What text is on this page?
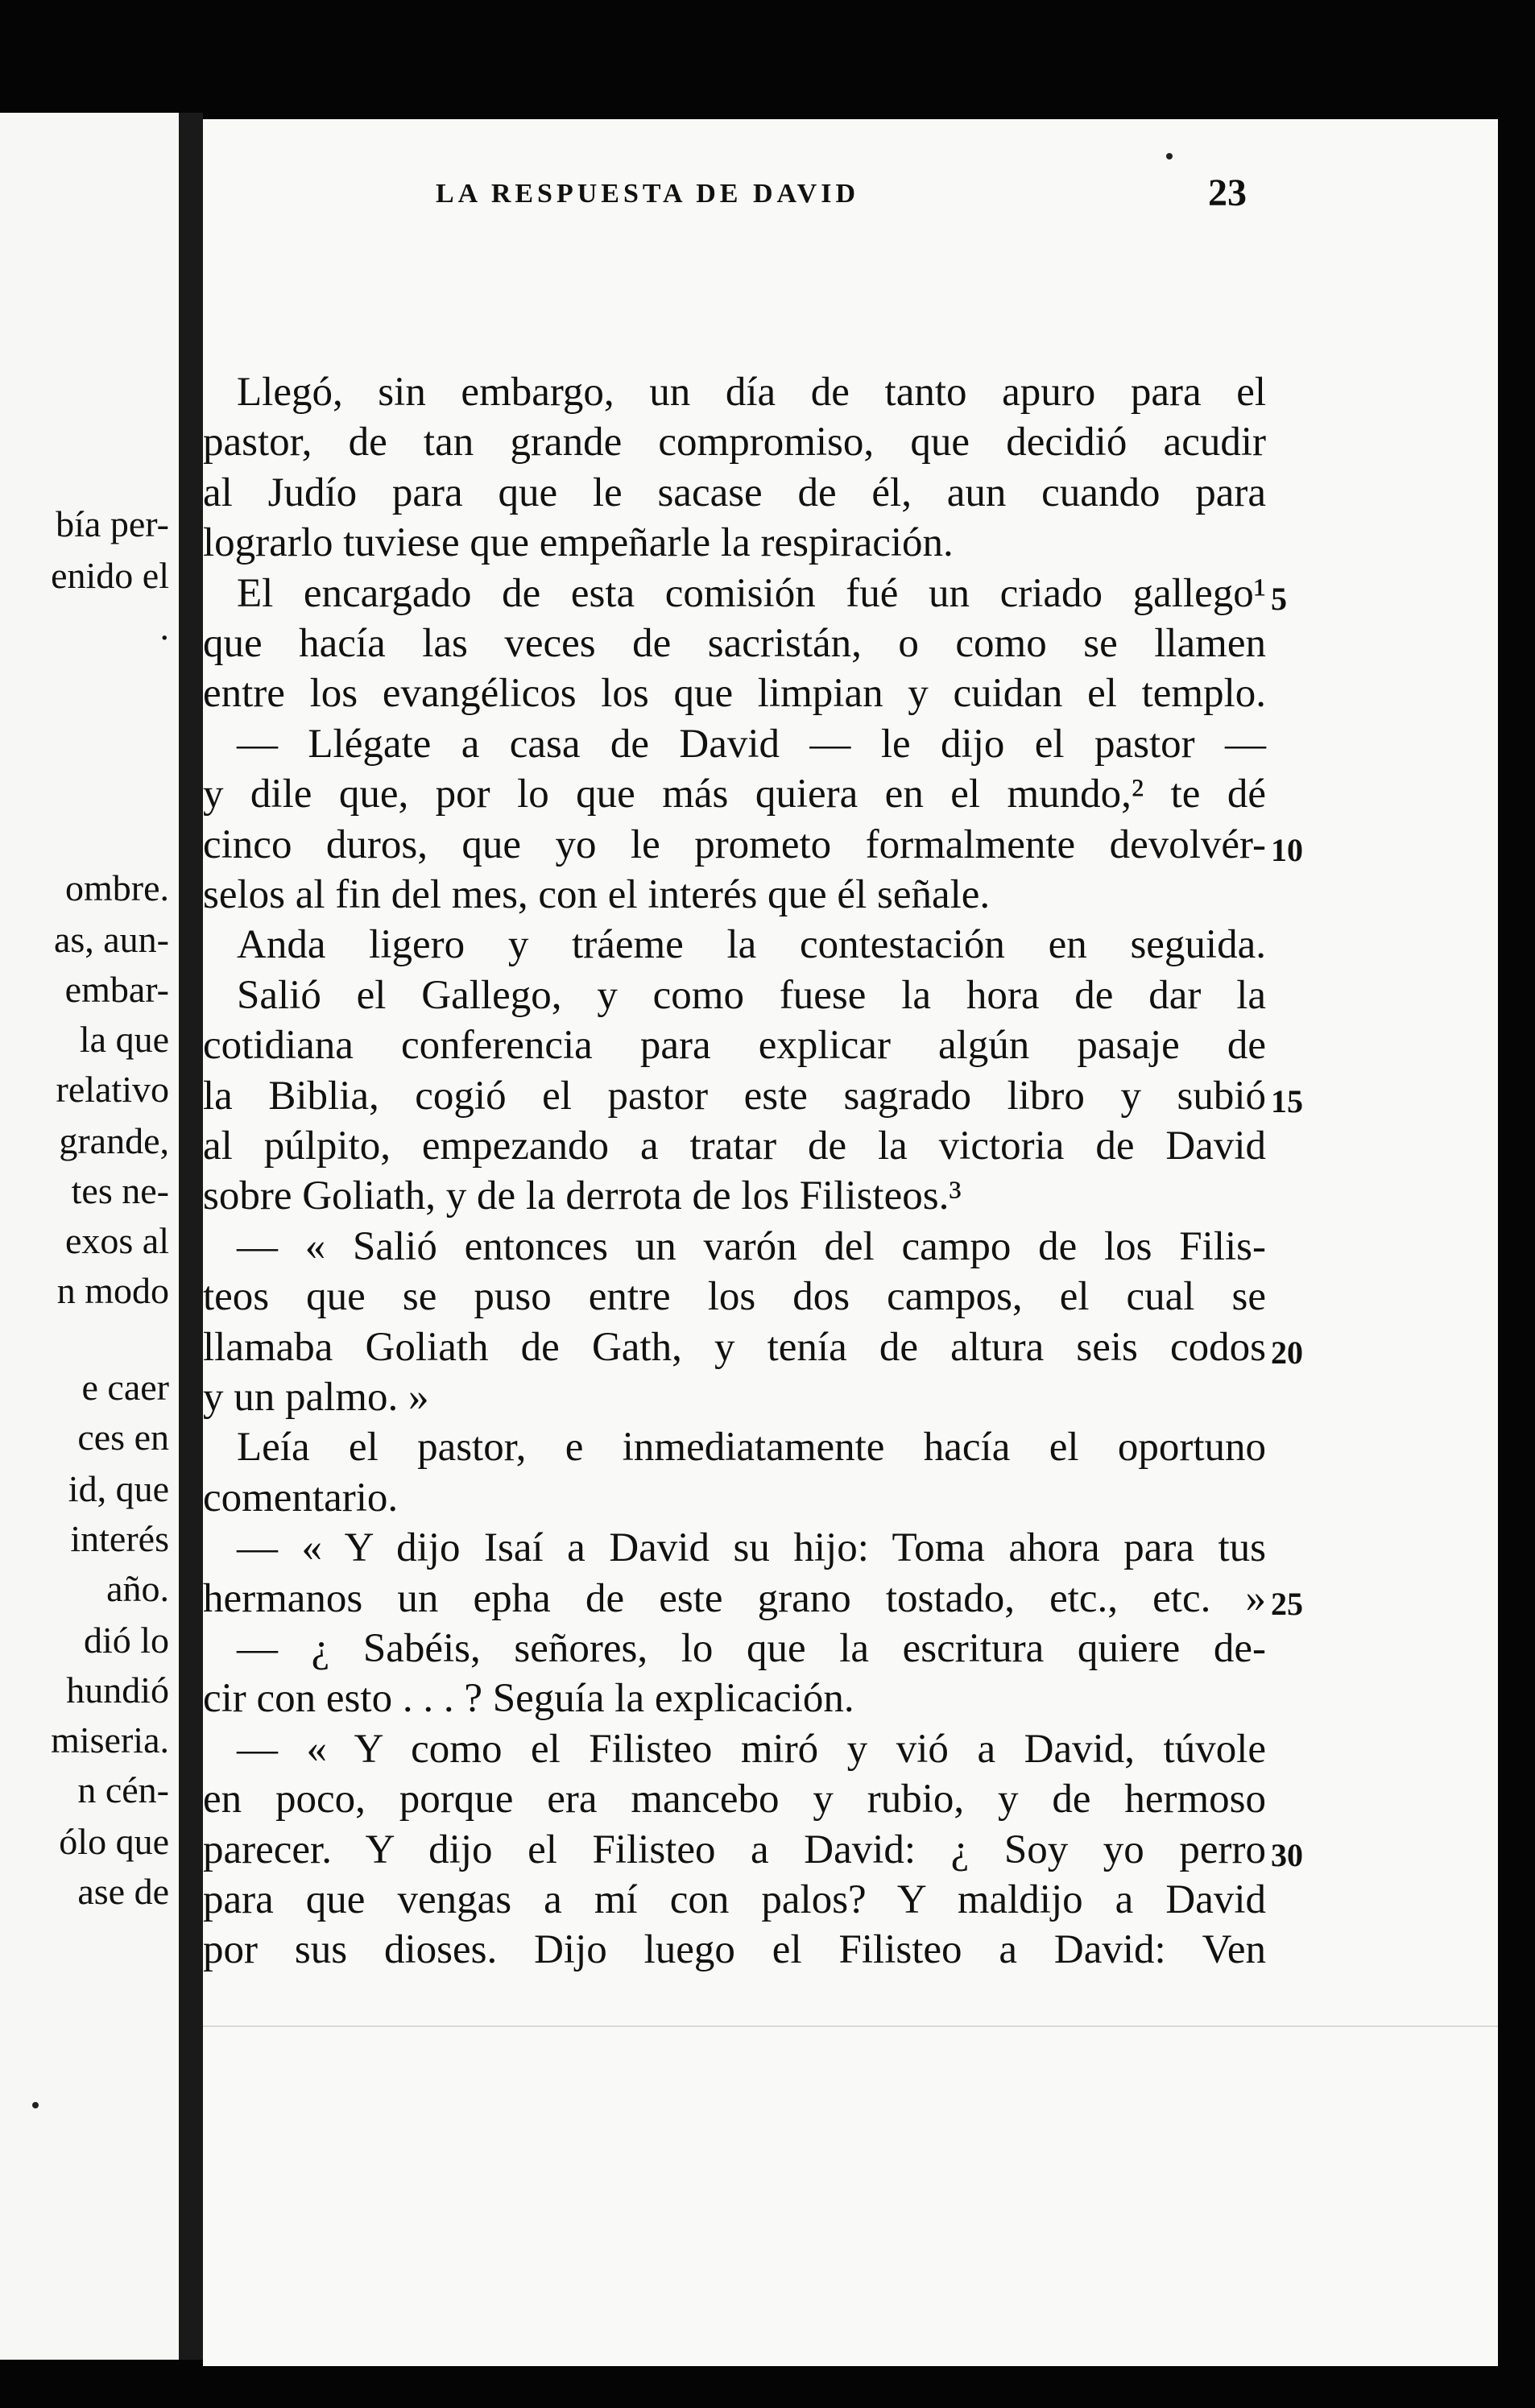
bía per-
enido el
.
ombre.
as, aun-
embar-
la que
relativo
grande,
tes ne-
exos al
n modo
e caer
ces en
id, que
interés
año.
dió lo
hundió
miseria.
n cén-
ólo que
ase de
LA RESPUESTA DE DAVID	23
Llegó, sin embargo, un día de tanto apuro para el
pastor, de tan grande compromiso, que decidió acudir
al Judío para que le sacase de él, aun cuando para
lograrlo tuviese que empeñarle la respiración.
El encargado de esta comisión fué un criado gallego¹
que hacía las veces de sacristán, o como se llamen
entre los evangélicos los que limpian y cuidan el templo.
— Llégate a casa de David — le dijo el pastor —
y dile que, por lo que más quiera en el mundo,² te dé
cinco duros, que yo le prometo formalmente devolvér-
selos al fin del mes, con el interés que él señale.
Anda ligero y tráeme la contestación en seguida.
Salió el Gallego, y como fuese la hora de dar la
cotidiana conferencia para explicar algún pasaje de
la Biblia, cogió el pastor este sagrado libro y subió
al púlpito, empezando a tratar de la victoria de David
sobre Goliath, y de la derrota de los Filisteos.³
— « Salió entonces un varón del campo de los Filis-
teos que se puso entre los dos campos, el cual se
llamaba Goliath de Gath, y tenía de altura seis codos
y un palmo. »
Leía el pastor, e inmediatamente hacía el oportuno
comentario.
— « Y dijo Isaí a David su hijo: Toma ahora para tus
hermanos un epha de este grano tostado, etc., etc. »
— ¿ Sabéis, señores, lo que la escritura quiere de-
cir con esto . . . ? Seguía la explicación.
— « Y como el Filisteo miró y vió a David, túvole
en poco, porque era mancebo y rubio, y de hermoso
parecer. Y dijo el Filisteo a David: ¿ Soy yo perro
para que vengas a mí con palos? Y maldijo a David
por sus dioses. Dijo luego el Filisteo a David: Ven
5
10
15
20
25
30
